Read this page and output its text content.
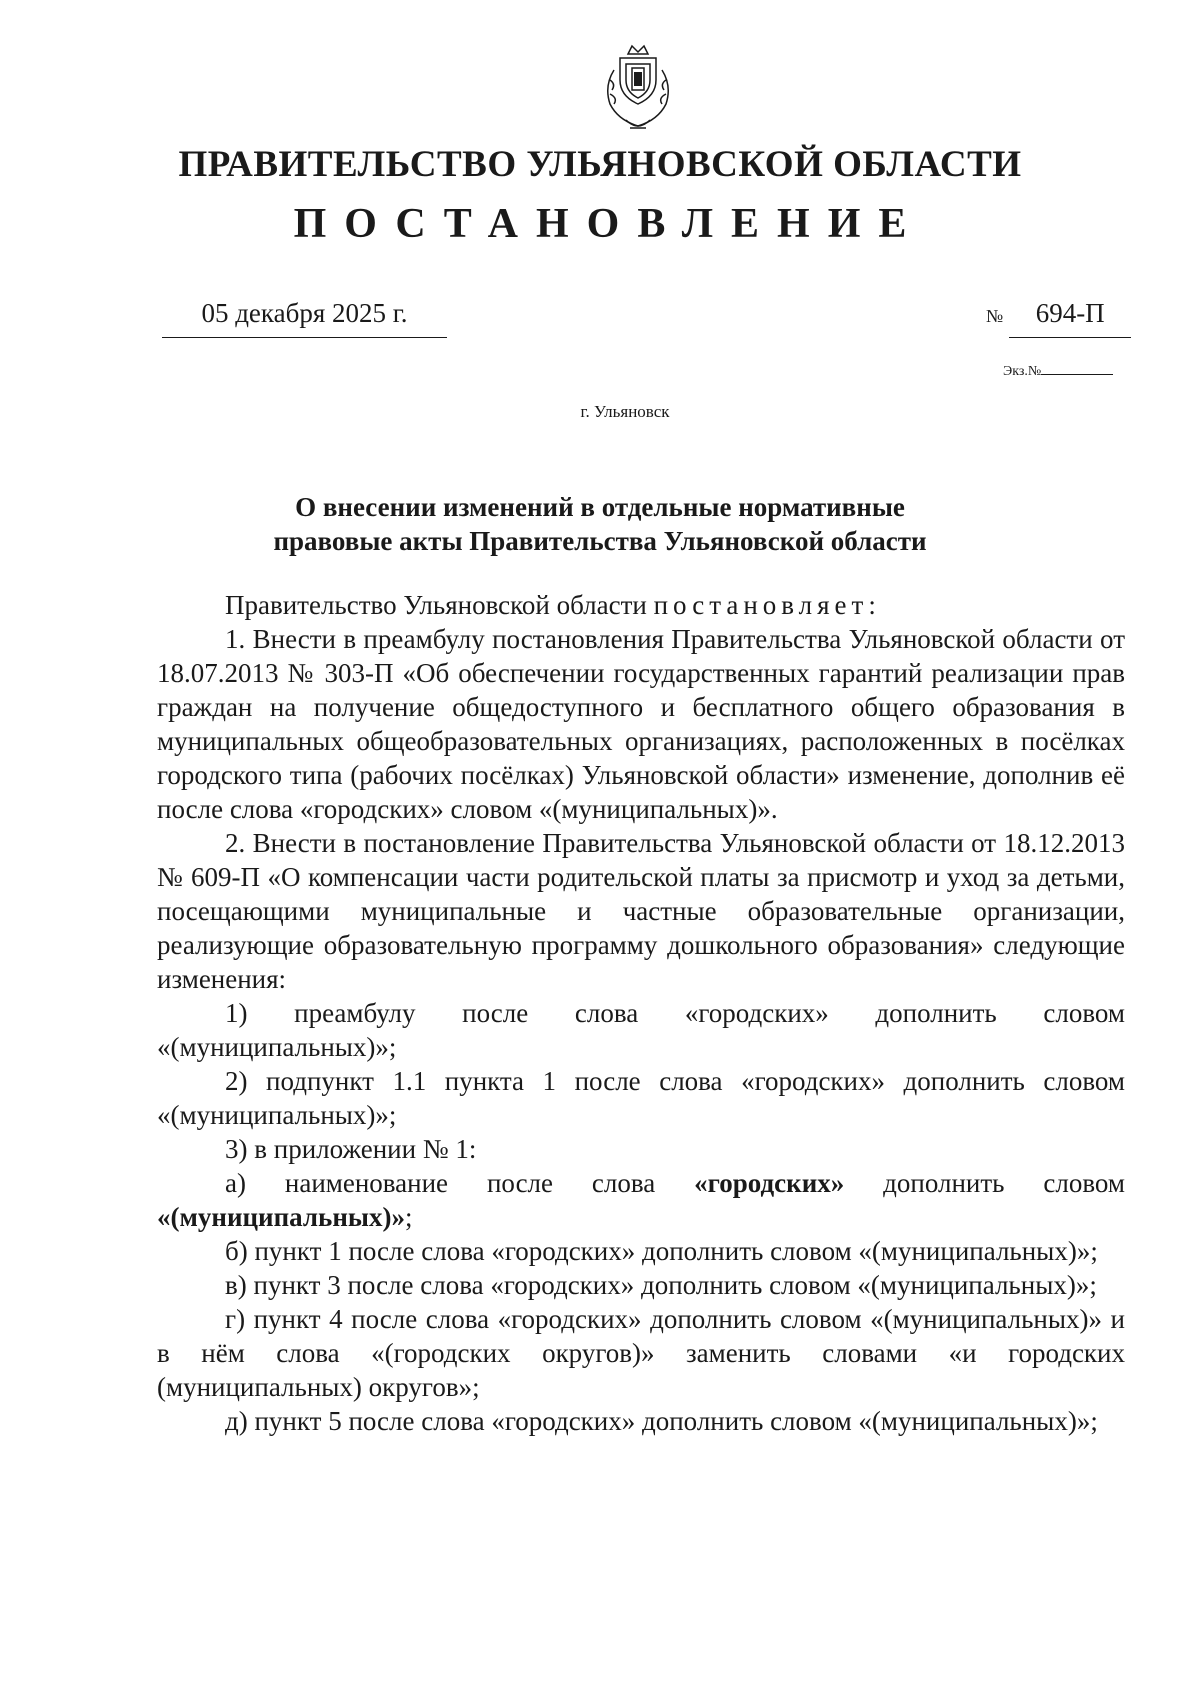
ПРАВИТЕЛЬСТВО УЛЬЯНОВСКОЙ ОБЛАСТИ
ПОСТАНОВЛЕНИЕ
05 декабря 2025 г.	№ 694-П
Экз.№
г. Ульяновск
О внесении изменений в отдельные нормативные
правовые акты Правительства Ульяновской области

Правительство Ульяновской области постановляет:

1. Внести в преамбулу постановления Правительства Ульяновской области от 18.07.2013 № 303-П «Об обеспечении государственных гарантий реализации прав граждан на получение общедоступного и бесплатного общего образования в муниципальных общеобразовательных организациях, расположенных в посёлках городского типа (рабочих посёлках) Ульяновской области» изменение, дополнив её после слова «городских» словом «(муниципальных)».

2. Внести в постановление Правительства Ульяновской области от 18.12.2013 № 609-П «О компенсации части родительской платы за присмотр и уход за детьми, посещающими муниципальные и частные образовательные организации, реализующие образовательную программу дошкольного образования» следующие изменения:

1) преамбулу после слова «городских» дополнить словом «(муниципальных)»;

2) подпункт 1.1 пункта 1 после слова «городских» дополнить словом «(муниципальных)»;

3) в приложении № 1:

а) наименование после слова «городских» дополнить словом «(муниципальных)»;

б) пункт 1 после слова «городских» дополнить словом «(муниципальных)»;

в) пункт 3 после слова «городских» дополнить словом «(муниципальных)»;

г) пункт 4 после слова «городских» дополнить словом «(муниципальных)» и в нём слова «(городских округов)» заменить словами «и городских (муниципальных) округов»;

д) пункт 5 после слова «городских» дополнить словом «(муниципальных)»;
